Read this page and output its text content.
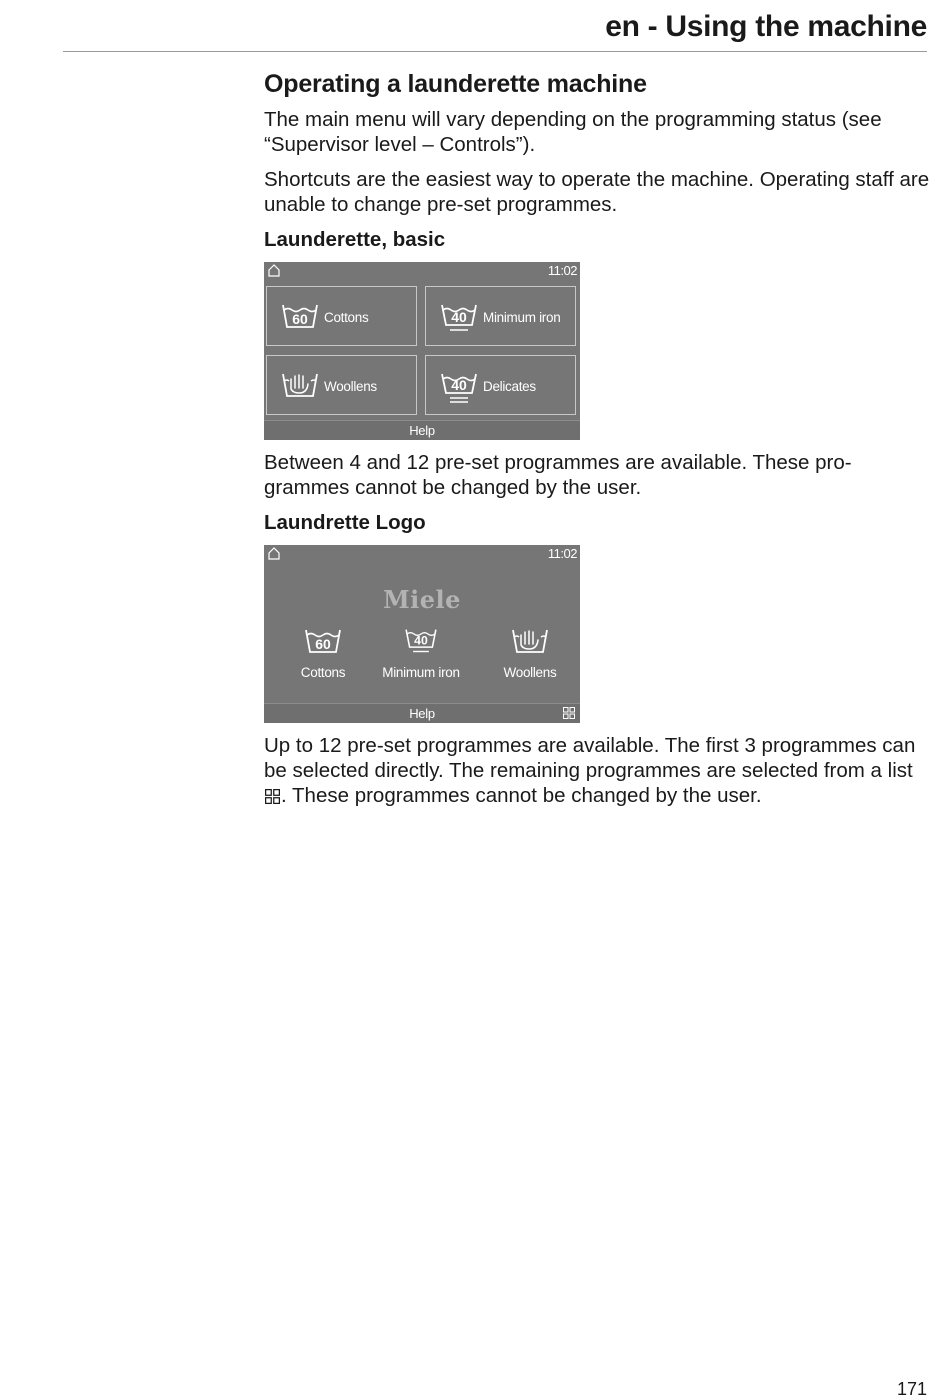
en - Using the machine
Operating a launderette machine

The main menu will vary depending on the programming status (see “Supervisor level – Controls”).

Shortcuts are the easiest way to operate the machine. Operating staff are unable to change pre-set programmes.

Launderette, basic
11:02
60 Cottons	40 Minimum iron
Woollens	40 Delicates
Help

Between 4 and 12 pre-set programmes are available. These pro-grammes cannot be changed by the user.

Laundrette Logo
11:02
Miele
60
Cottons
40
Minimum iron	Woollens
Help

Up to 12 pre-set programmes are available. The first 3 programmes can be selected directly. The remaining programmes are selected from a list . These programmes cannot be changed by the user.

171
